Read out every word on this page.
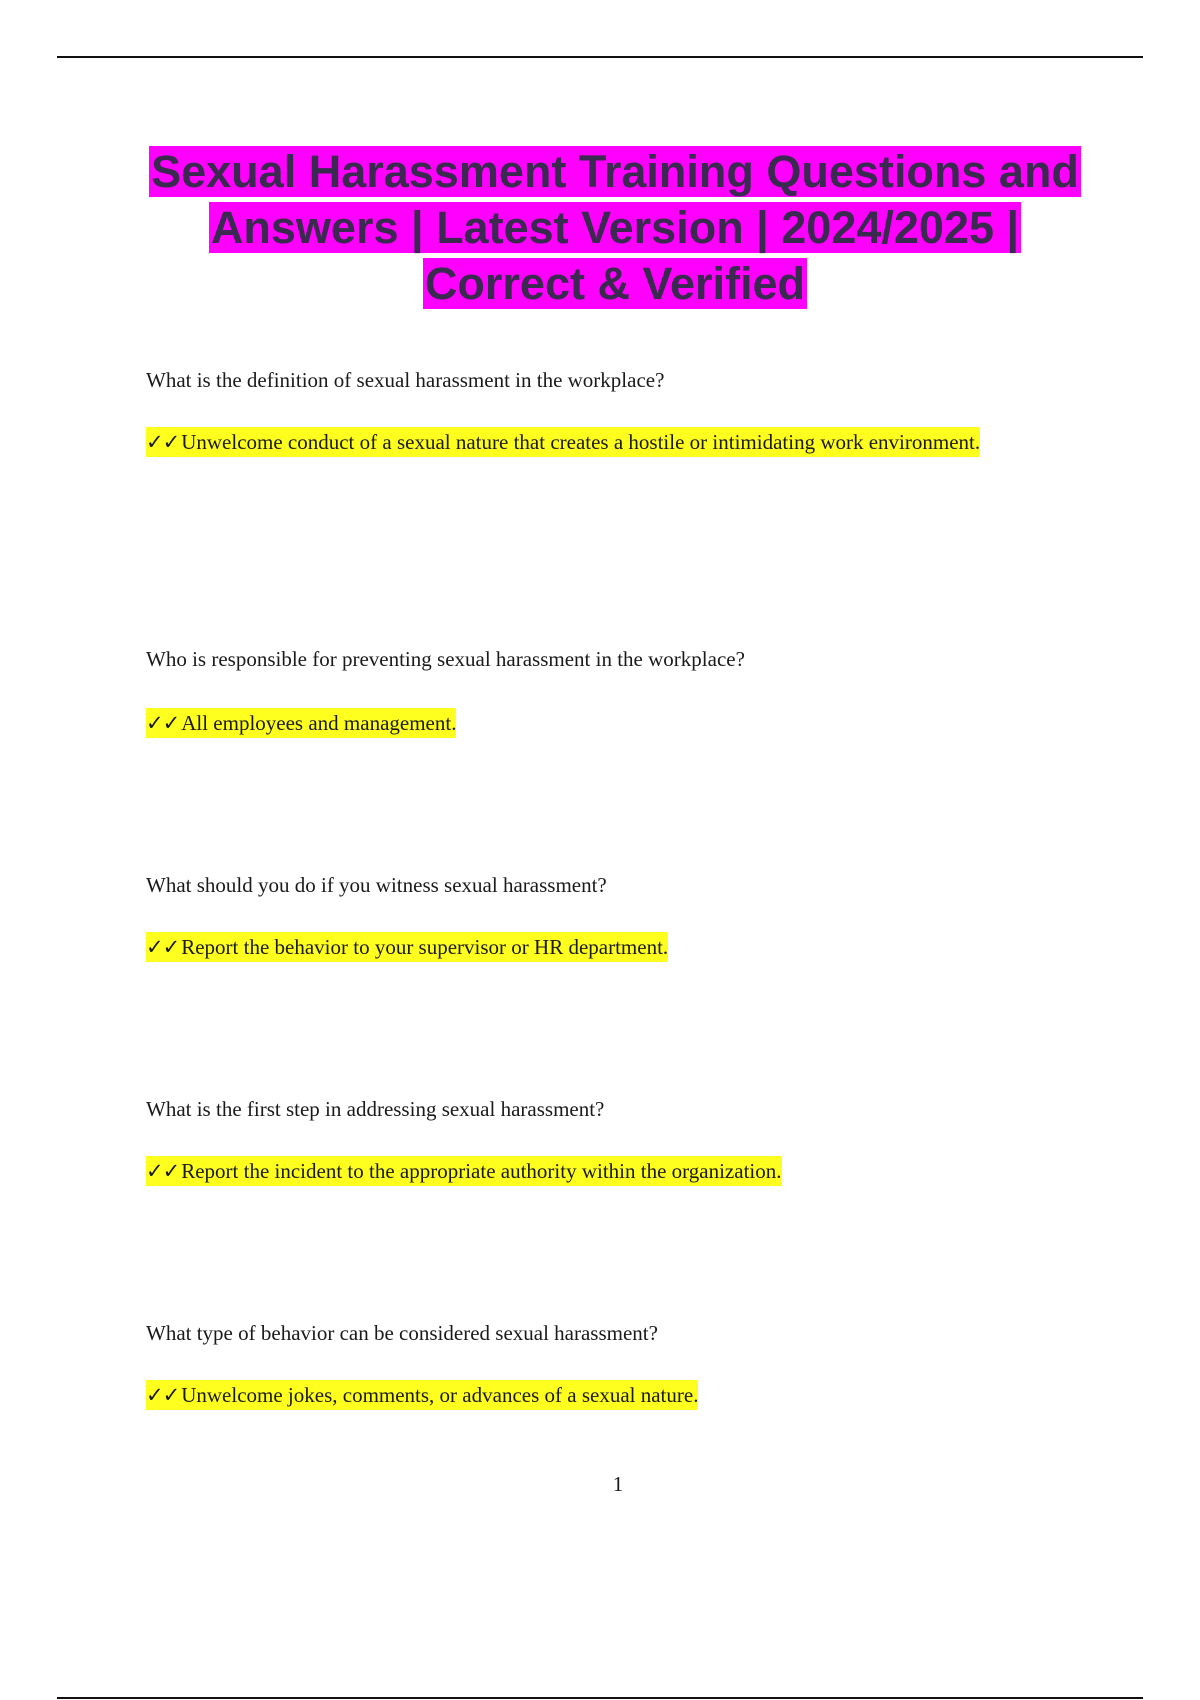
Sexual Harassment Training Questions and Answers | Latest Version | 2024/2025 | Correct & Verified
What is the definition of sexual harassment in the workplace?
✓✓Unwelcome conduct of a sexual nature that creates a hostile or intimidating work environment.
Who is responsible for preventing sexual harassment in the workplace?
✓✓All employees and management.
What should you do if you witness sexual harassment?
✓✓Report the behavior to your supervisor or HR department.
What is the first step in addressing sexual harassment?
✓✓Report the incident to the appropriate authority within the organization.
What type of behavior can be considered sexual harassment?
✓✓Unwelcome jokes, comments, or advances of a sexual nature.
1
